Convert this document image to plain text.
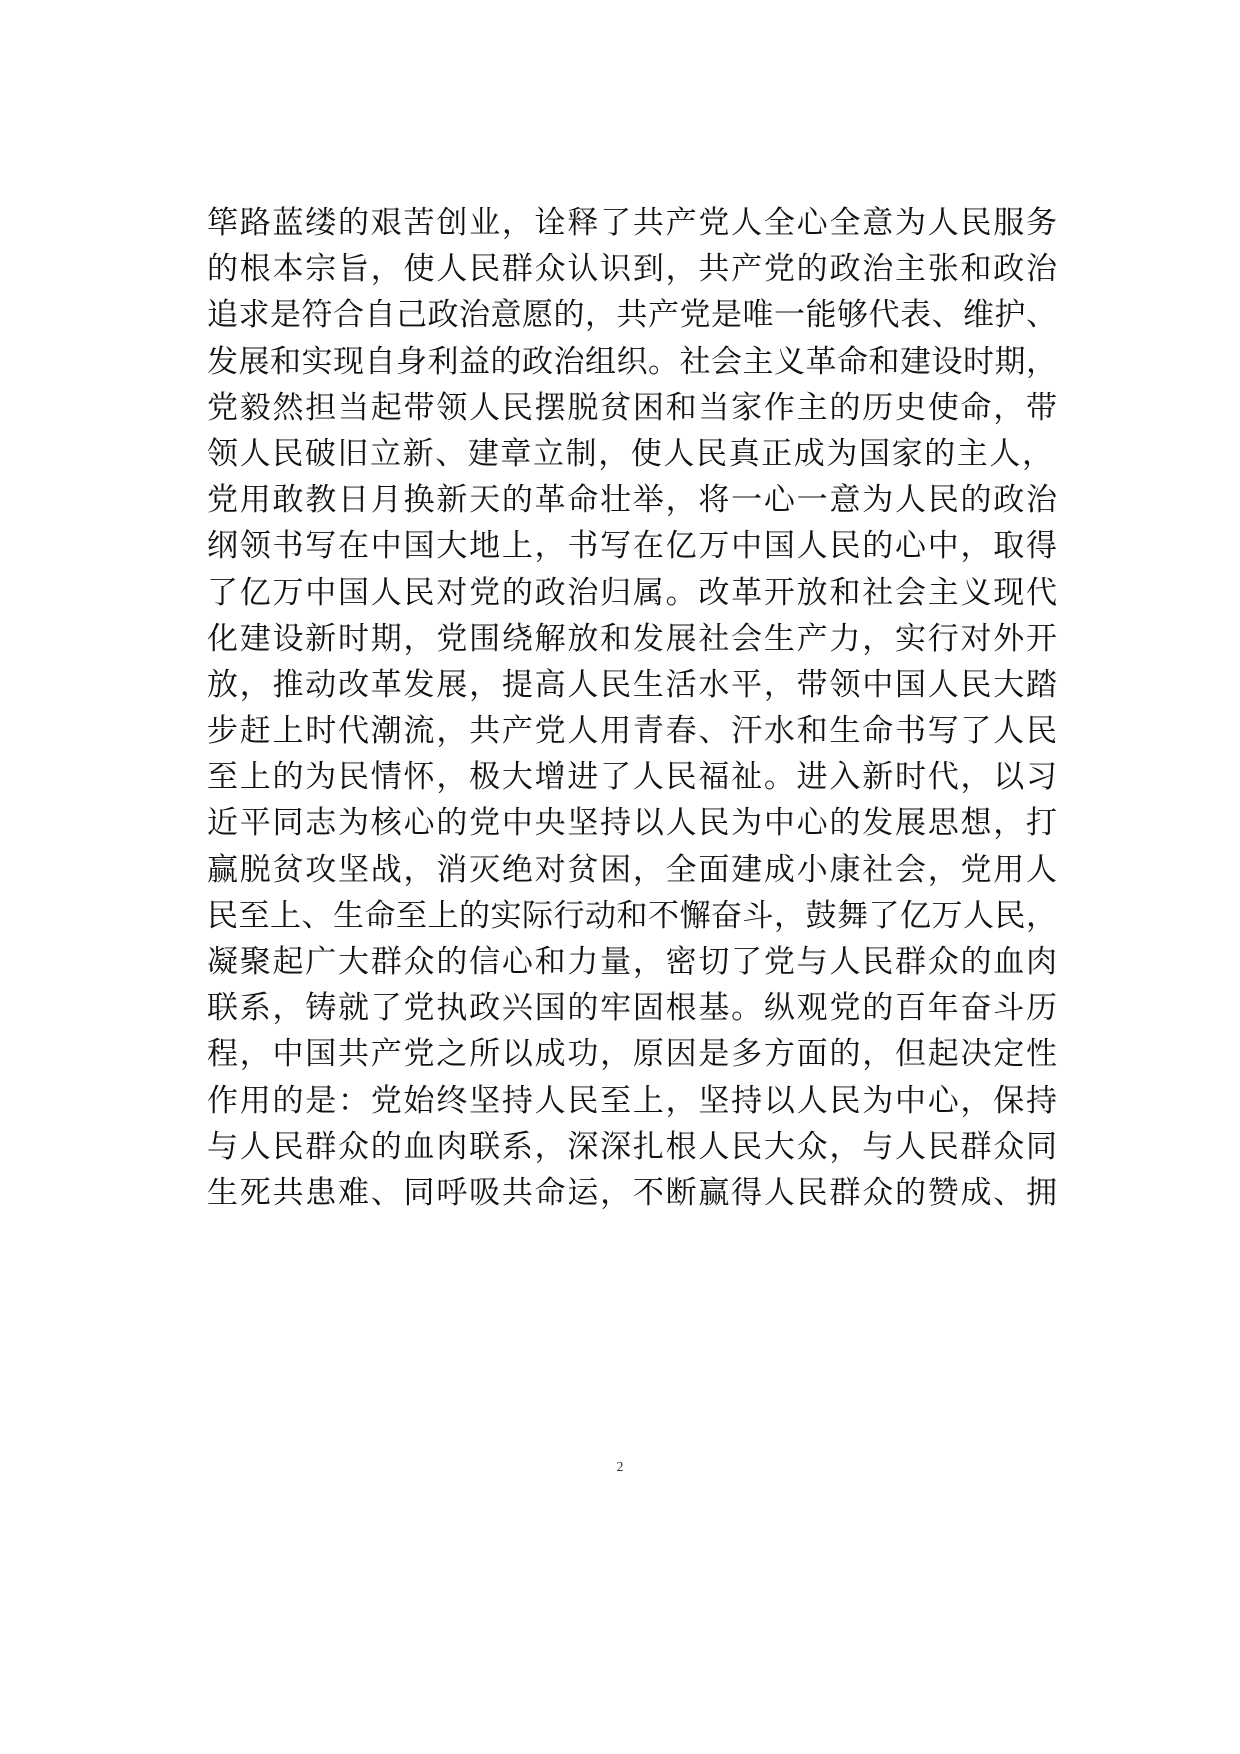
筚路蓝缕的艰苦创业，诠释了共产党人全心全意为人民服务
的根本宗旨，使人民群众认识到，共产党的政治主张和政治
追求是符合自己政治意愿的，共产党是唯一能够代表、维护、
发展和实现自身利益的政治组织。社会主义革命和建设时期，
党毅然担当起带领人民摆脱贫困和当家作主的历史使命，带
领人民破旧立新、建章立制，使人民真正成为国家的主人，
党用敢教日月换新天的革命壮举，将一心一意为人民的政治
纲领书写在中国大地上，书写在亿万中国人民的心中，取得
了亿万中国人民对党的政治归属。改革开放和社会主义现代
化建设新时期，党围绕解放和发展社会生产力，实行对外开
放，推动改革发展，提高人民生活水平，带领中国人民大踏
步赶上时代潮流，共产党人用青春、汗水和生命书写了人民
至上的为民情怀，极大增进了人民福祉。进入新时代，以习
近平同志为核心的党中央坚持以人民为中心的发展思想，打
赢脱贫攻坚战，消灭绝对贫困，全面建成小康社会，党用人
民至上、生命至上的实际行动和不懈奋斗，鼓舞了亿万人民，
凝聚起广大群众的信心和力量，密切了党与人民群众的血肉
联系，铸就了党执政兴国的牢固根基。纵观党的百年奋斗历
程，中国共产党之所以成功，原因是多方面的，但起决定性
作用的是：党始终坚持人民至上，坚持以人民为中心，保持
与人民群众的血肉联系，深深扎根人民大众，与人民群众同
生死共患难、同呼吸共命运，不断赢得人民群众的赞成、拥
2
